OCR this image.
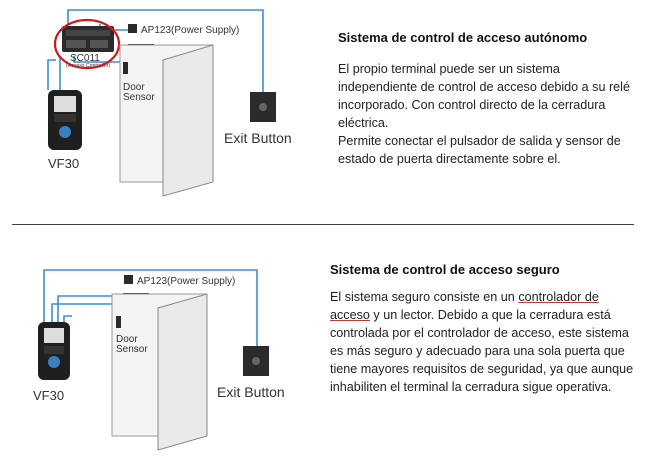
SC011
(Access Controller)
AP123(Power Supply)
Door
Sensor
VF30
Exit Button
Sistema de control de acceso autónomo

El propio terminal puede ser un sistema independiente de control de acceso debido a su relé incorporado. Con control directo de la cerradura eléctrica.

Permite conectar el pulsador de salida y sensor de estado de puerta directamente sobre el.

AP123(Power Supply)
Door
Sensor
VF30	Exit Button
Sistema de control de acceso seguro
El sistema seguro consiste en un controlador de acceso y un lector. Debido a que la cerradura está controlada por el controlador de acceso, este sistema es más seguro y adecuado para una sola puerta que tiene mayores requisitos de seguridad, ya que aunque inhabiliten el terminal la cerradura sigue operativa.
